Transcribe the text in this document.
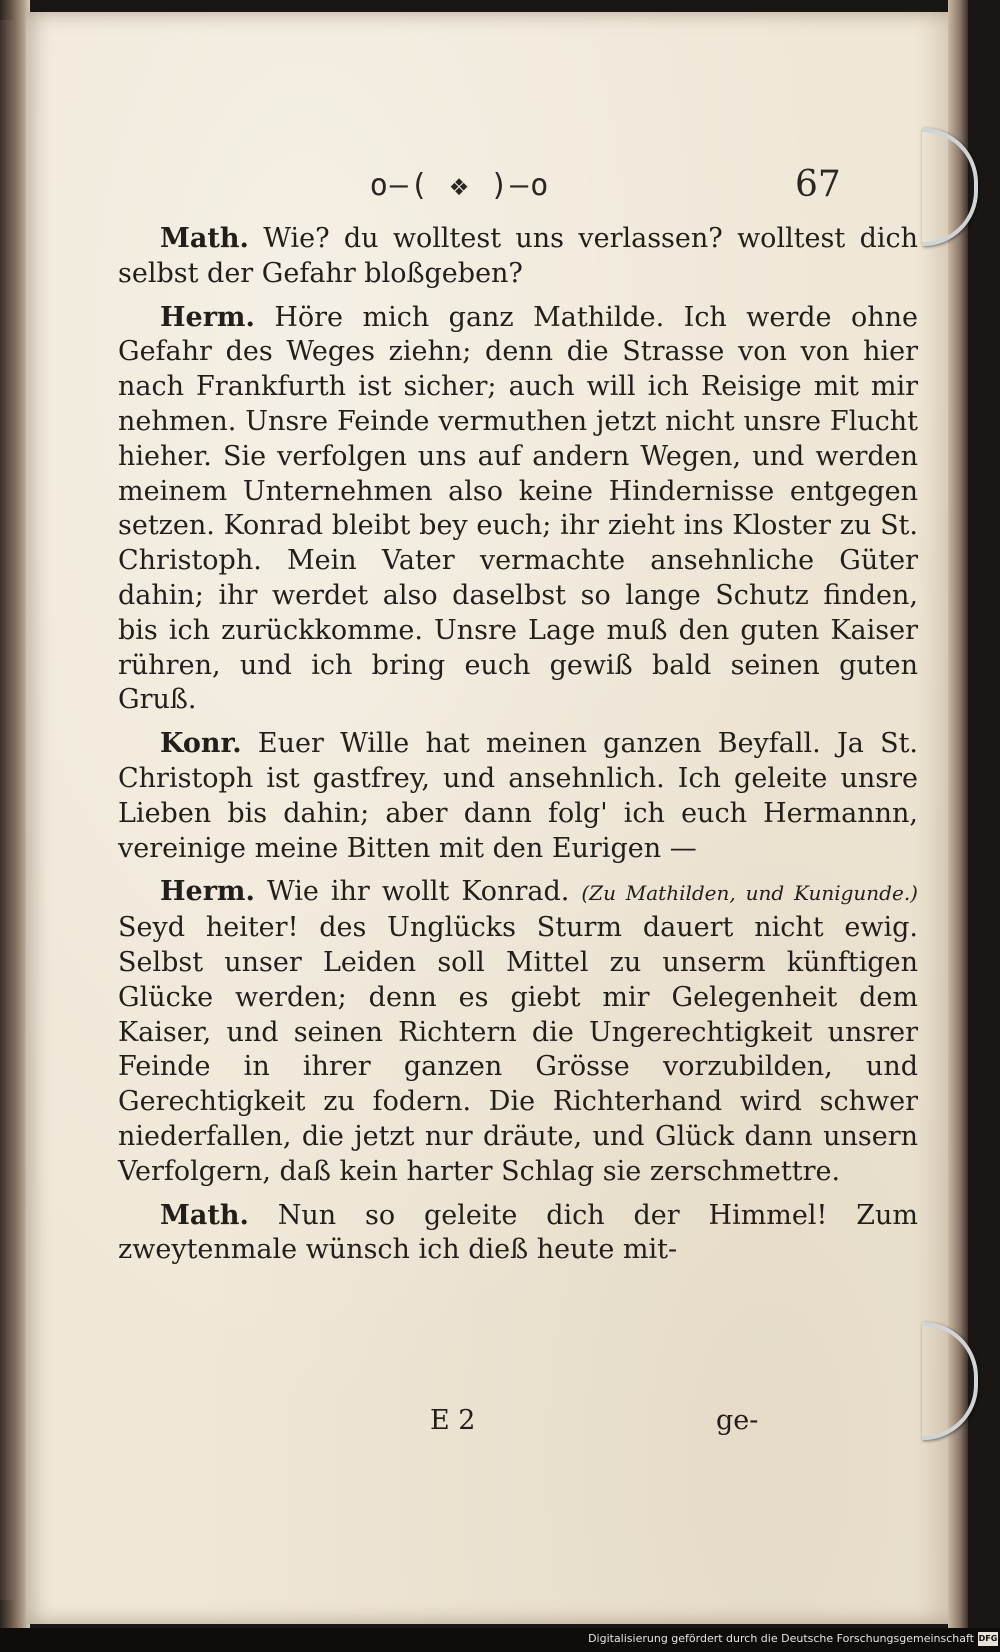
o—( ❖ )—o	67

Math. Wie? du wolltest uns verlassen? wolltest dich selbst der Gefahr bloßgeben?

Herm. Höre mich ganz Mathilde. Ich werde ohne Gefahr des Weges ziehn; denn die Strasse von von hier nach Frankfurth ist sicher; auch will ich Reisige mit mir nehmen. Unsre Feinde vermuthen jetzt nicht unsre Flucht hieher. Sie verfolgen uns auf andern Wegen, und werden meinem Unternehmen also keine Hindernisse entgegen setzen. Konrad bleibt bey euch; ihr zieht ins Kloster zu St. Christoph. Mein Vater vermachte ansehnliche Güter dahin; ihr werdet also daselbst so lange Schutz finden, bis ich zurückkomme. Unsre Lage muß den guten Kaiser rühren, und ich bring euch gewiß bald seinen guten Gruß.

Konr. Euer Wille hat meinen ganzen Beyfall. Ja St. Christoph ist gastfrey, und ansehnlich. Ich geleite unsre Lieben bis dahin; aber dann folg' ich euch Hermannn, vereinige meine Bitten mit den Eurigen —

Herm. Wie ihr wollt Konrad. (Zu Mathilden, und Kunigunde.) Seyd heiter! des Unglücks Sturm dauert nicht ewig. Selbst unser Leiden soll Mittel zu unserm künftigen Glücke werden; denn es giebt mir Gelegenheit dem Kaiser, und seinen Richtern die Ungerechtigkeit unsrer Feinde in ihrer ganzen Grösse vorzubilden, und Gerechtigkeit zu fodern. Die Richterhand wird schwer niederfallen, die jetzt nur dräute, und Glück dann unsern Verfolgern, daß kein harter Schlag sie zerschmettre.

Math. Nun so geleite dich der Himmel! Zum zweytenmale wünsch ich dieß heute mit-

E 2	ge-
Digitalisierung gefördert durch die Deutsche Forschungsgemeinschaft DFG
